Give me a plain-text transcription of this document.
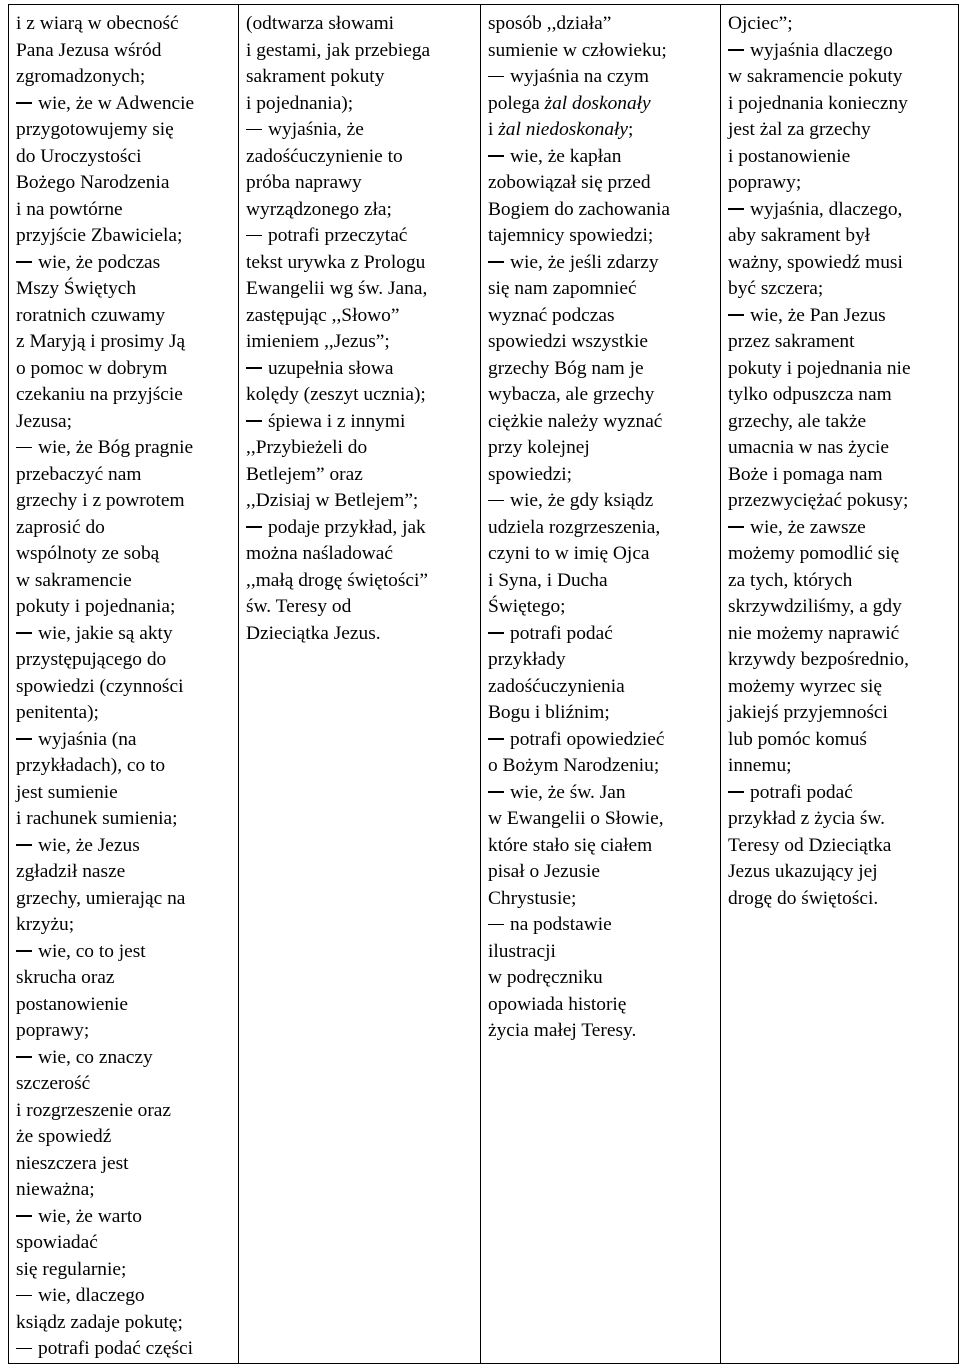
i z wiarą w obecność
Pana Jezusa wśród
zgromadzonych;
wie, że w Adwencie
przygotowujemy się
do Uroczystości
Bożego Narodzenia
i na powtórne
przyjście Zbawiciela;
wie, że podczas
Mszy Świętych
roratnich czuwamy
z Maryją i prosimy Ją
o pomoc w dobrym
czekaniu na przyjście
Jezusa;
wie, że Bóg pragnie
przebaczyć nam
grzechy i z powrotem
zaprosić do
wspólnoty ze sobą
w sakramencie
pokuty i pojednania;
wie, jakie są akty
przystępującego do
spowiedzi (czynności
penitenta);
wyjaśnia (na
przykładach), co to
jest sumienie
i rachunek sumienia;
wie, że Jezus
zgładził nasze
grzechy, umierając na
krzyżu;
wie, co to jest
skrucha oraz
postanowienie
poprawy;
wie, co znaczy
szczerość
i rozgrzeszenie oraz
że spowiedź
nieszczera jest
nieważna;
wie, że warto
spowiadać
się regularnie;
wie, dlaczego
ksiądz zadaje pokutę;
potrafi podać części

(odtwarza słowami
i gestami, jak przebiega
sakrament pokuty
i pojednania);
wyjaśnia, że
zadośćuczynienie to
próba naprawy
wyrządzonego zła;
potrafi przeczytać
tekst urywka z Prologu
Ewangelii wg św. Jana,
zastępując ,,Słowo”
imieniem ,,Jezus”;
uzupełnia słowa
kolędy (zeszyt ucznia);
śpiewa i z innymi
,,Przybieżeli do
Betlejem” oraz
,,Dzisiaj w Betlejem”;
podaje przykład, jak
można naśladować
,,małą drogę świętości”
św. Teresy od
Dzieciątka Jezus.

sposób ,,działa”
sumienie w człowieku;
wyjaśnia na czym
polega żal doskonały
i żal niedoskonały;
wie, że kapłan
zobowiązał się przed
Bogiem do zachowania
tajemnicy spowiedzi;
wie, że jeśli zdarzy
się nam zapomnieć
wyznać podczas
spowiedzi wszystkie
grzechy Bóg nam je
wybacza, ale grzechy
ciężkie należy wyznać
przy kolejnej
spowiedzi;
wie, że gdy ksiądz
udziela rozgrzeszenia,
czyni to w imię Ojca
i Syna, i Ducha
Świętego;
potrafi podać
przykłady
zadośćuczynienia
Bogu i bliźnim;
potrafi opowiedzieć
o Bożym Narodzeniu;
wie, że św. Jan
w Ewangelii o Słowie,
które stało się ciałem
pisał o Jezusie
Chrystusie;
na podstawie
ilustracji
w podręczniku
opowiada historię
życia małej Teresy.

Ojciec”;
wyjaśnia dlaczego
w sakramencie pokuty
i pojednania konieczny
jest żal za grzechy
i postanowienie
poprawy;
wyjaśnia, dlaczego,
aby sakrament był
ważny, spowiedź musi
być szczera;
wie, że Pan Jezus
przez sakrament
pokuty i pojednania nie
tylko odpuszcza nam
grzechy, ale także
umacnia w nas życie
Boże i pomaga nam
przezwyciężać pokusy;
wie, że zawsze
możemy pomodlić się
za tych, których
skrzywdziliśmy, a gdy
nie możemy naprawić
krzywdy bezpośrednio,
możemy wyrzec się
jakiejś przyjemności
lub pomóc komuś
innemu;
potrafi podać
przykład z życia św.
Teresy od Dzieciątka
Jezus ukazujący jej
drogę do świętości.
